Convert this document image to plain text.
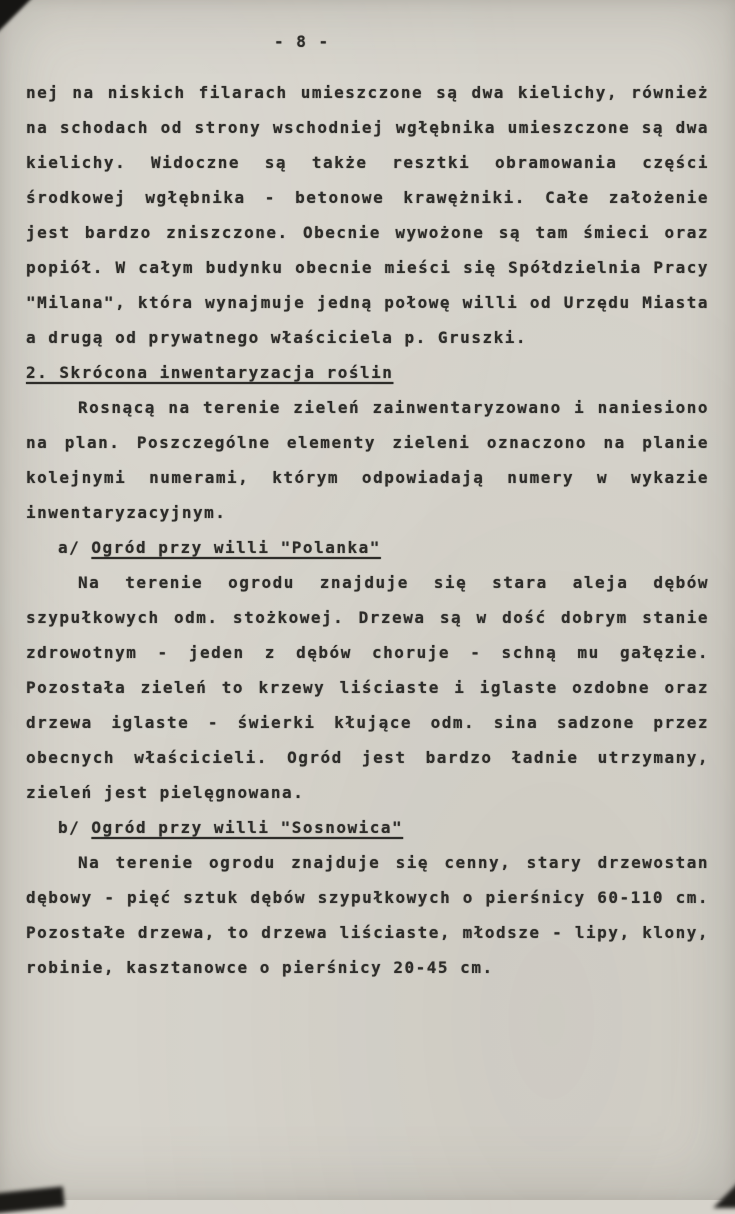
- 8 -

nej na niskich filarach umieszczone są dwa kielichy, również na schodach od strony wschodniej wgłębnika umieszczone są dwa kielichy. Widoczne są także resztki obramowania części środkowej wgłębnika - betonowe krawężniki. Całe założenie jest bardzo zniszczone. Obecnie wywożone są tam śmieci oraz popiół. W całym budynku obecnie mieści się Spółdzielnia Pracy "Milana", która wynajmuje jedną połowę willi od Urzędu Miasta a drugą od prywatnego właściciela p. Gruszki.

2. Skrócona inwentaryzacja roślin

Rosnącą na terenie zieleń zainwentaryzowano i naniesiono na plan. Poszczególne elementy zieleni oznaczono na planie kolejnymi numerami, którym odpowiadają numery w wykazie inwentaryzacyjnym.

a/ Ogród przy willi "Polanka"

Na terenie ogrodu znajduje się stara aleja dębów szypułkowych odm. stożkowej. Drzewa są w dość dobrym stanie zdrowotnym - jeden z dębów choruje - schną mu gałęzie. Pozostała zieleń to krzewy liściaste i iglaste ozdobne oraz drzewa iglaste - świerki kłujące odm. sina sadzone przez obecnych właścicieli. Ogród jest bardzo ładnie utrzymany, zieleń jest pielęgnowana.

b/ Ogród przy willi "Sosnowica"

Na terenie ogrodu znajduje się cenny, stary drzewostan dębowy - pięć sztuk dębów szypułkowych o pierśnicy 60-110 cm. Pozostałe drzewa, to drzewa liściaste, młodsze - lipy, klony, robinie, kasztanowce o pierśnicy 20-45 cm.
